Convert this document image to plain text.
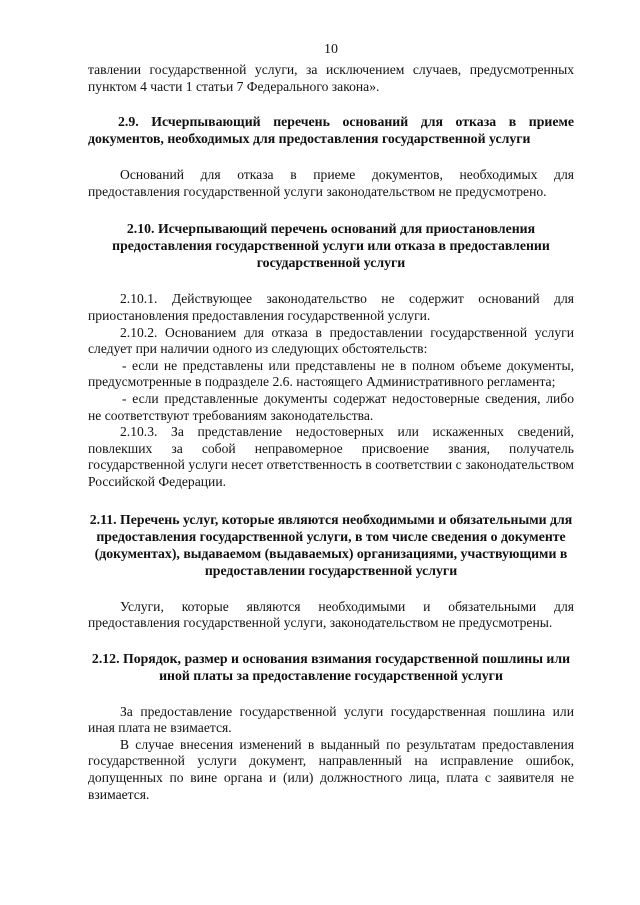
10

тавлении государственной услуги, за исключением случаев, предусмотренных пунктом 4 части 1 статьи 7 Федерального закона».

2.9. Исчерпывающий перечень оснований для отказа в приеме документов, необходимых для предоставления государственной услуги

Оснований для отказа в приеме документов, необходимых для предоставления государственной услуги законодательством не предусмотрено.

2.10. Исчерпывающий перечень оснований для приостановления предоставления государственной услуги или отказа в предоставлении государственной услуги

2.10.1. Действующее законодательство не содержит оснований для приостановления предоставления государственной услуги.

2.10.2. Основанием для отказа в предоставлении государственной услуги следует при наличии одного из следующих обстоятельств:

- если не представлены или представлены не в полном объеме документы, предусмотренные в подразделе 2.6. настоящего Административного регламента;

- если представленные документы содержат недостоверные сведения, либо не соответствуют требованиям законодательства.

2.10.3. За представление недостоверных или искаженных сведений, повлекших за собой неправомерное присвоение звания, получатель государственной услуги несет ответственность в соответствии с законодательством Российской Федерации.

2.11. Перечень услуг, которые являются необходимыми и обязательными для предоставления государственной услуги, в том числе сведения о документе (документах), выдаваемом (выдаваемых) организациями, участвующими в предоставлении государственной услуги

Услуги, которые являются необходимыми и обязательными для предоставления государственной услуги, законодательством не предусмотрены.

2.12. Порядок, размер и основания взимания государственной пошлины или иной платы за предоставление государственной услуги

За предоставление государственной услуги государственная пошлина или иная плата не взимается.

В случае внесения изменений в выданный по результатам предоставления государственной услуги документ, направленный на исправление ошибок, допущенных по вине органа и (или) должностного лица, плата с заявителя не взимается.
